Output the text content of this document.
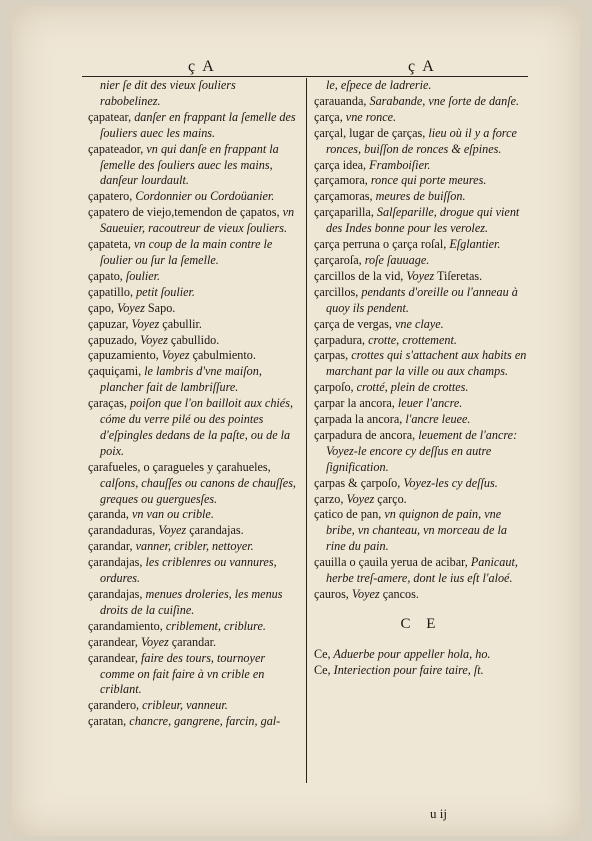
ç A	ç A

nier ſe dit des vieux ſouliers rabobelinez.

çapatear, danſer en frappant la ſemelle des ſouliers auec les mains.

çapateador, vn qui danſe en frappant la ſemelle des ſouliers auec les mains, danſeur lourdault.

çapatero, Cordonnier ou Cordoüanier.

çapatero de viejo,temendon de çapatos, vn Saueuier, racoutreur de vieux ſouliers.

çapateta, vn coup de la main contre le ſoulier ou ſur la ſemelle.

çapato, ſoulier.

çapatillo, petit ſoulier.

çapo, Voyez Sapo.

çapuzar, Voyez çabullir.

çapuzado, Voyez çabullido.

çapuzamiento, Voyez çabulmiento.

çaquiçami, le lambris d'vne maiſon, plancher fait de lambriſſure.

çaraças, poiſon que l'on bailloit aux chiés, cóme du verre pilé ou des pointes d'eſpingles dedans de la paſte, ou de la poix.

çarafueles, o çaragueles y çarahueles, calſons, chauſſes ou canons de chauſſes, greques ou guerguesſes.

çaranda, vn van ou crible.

çarandaduras, Voyez çarandajas.

çarandar, vanner, cribler, nettoyer.

çarandajas, les criblenres ou vannures, ordures.

çarandajas, menues droleries, les menus droits de la cuiſine.

çarandamiento, criblement, criblure.

çarandear, Voyez çarandar.

çarandear, faire des tours, tournoyer comme on fait faire à vn crible en criblant.

çarandero, cribleur, vanneur.

çaratan, chancre, gangrene, farcin, gal-

le, eſpece de ladrerie.

çarauanda, Sarabande, vne ſorte de danſe.

çarça, vne ronce.

çarçal, lugar de çarças, lieu où il y a force ronces, buiſſon de ronces & eſpines.

çarça idea, Framboiſier.

çarçamora, ronce qui porte meures.

çarçamoras, meures de buiſſon.

çarçaparilla, Salſeparille, drogue qui vient des Indes bonne pour les verolez.

çarça perruna o çarça roſal, Eſglantier.

çarçaroſa, roſe ſauuage.

çarcillos de la vid, Voyez Tiſeretas.

çarcillos, pendants d'oreille ou l'anneau à quoy ils pendent.

çarça de vergas, vne claye.

çarpadura, crotte, crottement.

çarpas, crottes qui s'attachent aux habits en marchant par la ville ou aux champs.

çarpoſo, crotté, plein de crottes.

çarpar la ancora, leuer l'ancre.

çarpada la ancora, l'ancre leuee.

çarpadura de ancora, leuement de l'ancre: Voyez-le encore cy deſſus en autre ſignification.

çarpas & çarpoſo, Voyez-les cy deſſus.

çarzo, Voyez çarço.

çatico de pan, vn quignon de pain, vne bribe, vn chanteau, vn morceau de la rine du pain.

çauilla o çauila yerua de acibar, Panicaut, herbe treſ-amere, dont le ius eſt l'aloé.

çauros, Voyez çancos.

C E

Ce, Aduerbe pour appeller hola, ho.

Ce, Interiection pour faire taire, ſt.

u ij
